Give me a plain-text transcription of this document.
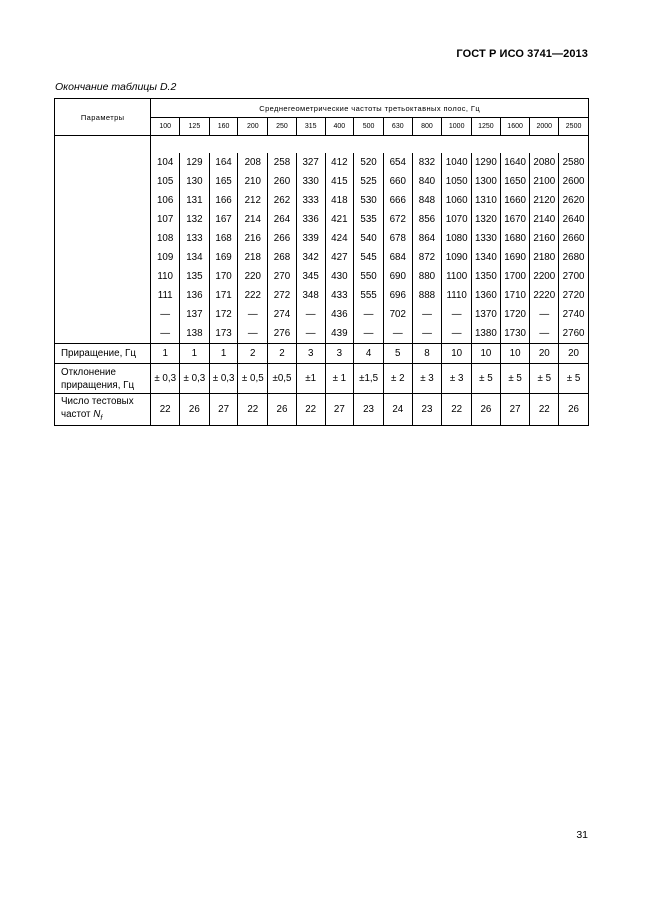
ГОСТ Р ИСО 3741—2013
Окончание таблицы D.2
Параметры	Среднегеометрические частоты третьоктавных полос, Гц														
	100	125	160	200	250	315	400	500	630	800	1000	1250	1600	2000	2500

	104	129	164	208	258	327	412	520	654	832	1040	1290	1640	2080	2580
	105	130	165	210	260	330	415	525	660	840	1050	1300	1650	2100	2600
	106	131	166	212	262	333	418	530	666	848	1060	1310	1660	2120	2620
	107	132	167	214	264	336	421	535	672	856	1070	1320	1670	2140	2640
	108	133	168	216	266	339	424	540	678	864	1080	1330	1680	2160	2660
	109	134	169	218	268	342	427	545	684	872	1090	1340	1690	2180	2680
	110	135	170	220	270	345	430	550	690	880	1100	1350	1700	2200	2700
	111	136	171	222	272	348	433	555	696	888	1110	1360	1710	2220	2720
	—	137	172	—	274	—	436	—	702	—	—	1370	1720	—	2740
	—	138	173	—	276	—	439	—	—	—	—	1380	1730	—	2760
Приращение, Гц	1	1	1	2	2	3	3	4	5	8	10	10	10	20	20

Отклонение
приращения, Гц	± 0,3	± 0,3	± 0,3	± 0,5	±0,5	±1	± 1	±1,5	± 2	± 3	± 3	± 5	± 5	± 5	± 5

Число тестовых
частот $N_f$	22	26	27	22	26	22	27	23	24	23	22	26	27	22	26
31
